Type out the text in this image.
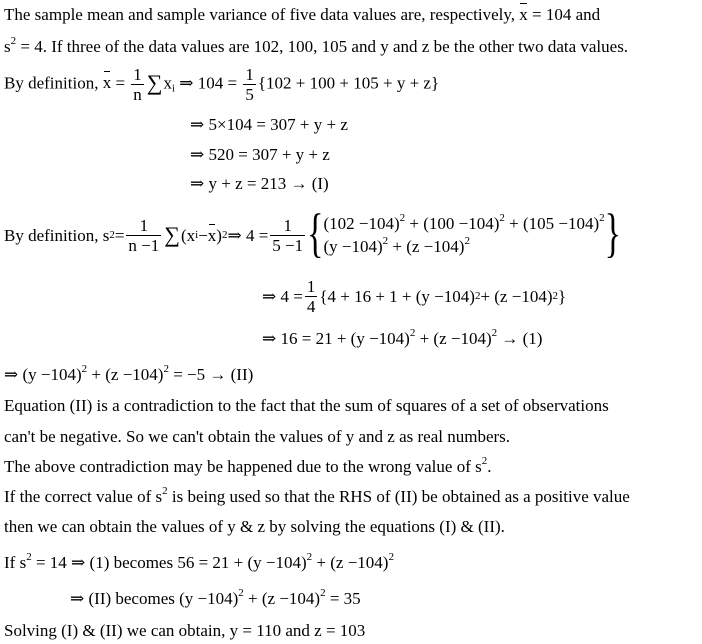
The sample mean and sample variance of five data values are, respectively, x = 104 and
$s^2 = 4$. If three of the data values are 102, 100, 105 and y and z be the other two data values.
By definition, $x = \frac{1}{n} \sum x_i$ ⇒ $104 = \frac{1}{5} \{102 + 100 + 105 + y + z\}$
⇒ 5×104 = 307 + y + z
⇒ 520 = 307 + y + z
⇒ y + z = 213 → (I)
By definition,
s $2 = \frac{1}{n -1}$ ∑ (x i − x ) 2 ⇒ $4 = \frac{1}{5 -1}$ { $(102 -104)^2 + (100 -104)^2 + (105 -104)^2$
$(y -104)^2 + (z -104)^2$	}
⇒ $4 = \frac{1}{4} \{4 + 16 + 1 + (y -104) 2 + (z -104)$ 2 }
⇒ $16 = 21 + (y -104)^2 + (z -104)^2 \to (1)$
⇒ $(y -104)^2 + (z -104)^2 = -5 \to (II)$
Equation (II) is a contradiction to the fact that the sum of squares of a set of observations
can't be negative. So we can't obtain the values of y and z as real numbers.
The above contradiction may be happened due to the wrong value of $s^2$.
If the correct value of $s^2$ is being used so that the RHS of (II) be obtained as a positive value
then we can obtain the values of y & z by solving the equations (I) & (II).
If $s^2 = 14$ ⇒ (1) becomes $56 = 21 + (y -104)^2 + (z -104)^2$
⇒ (II) becomes $(y -104)^2 + (z -104)^2 = 35$
Solving (I) & (II) we can obtain, y = 110 and z = 103
